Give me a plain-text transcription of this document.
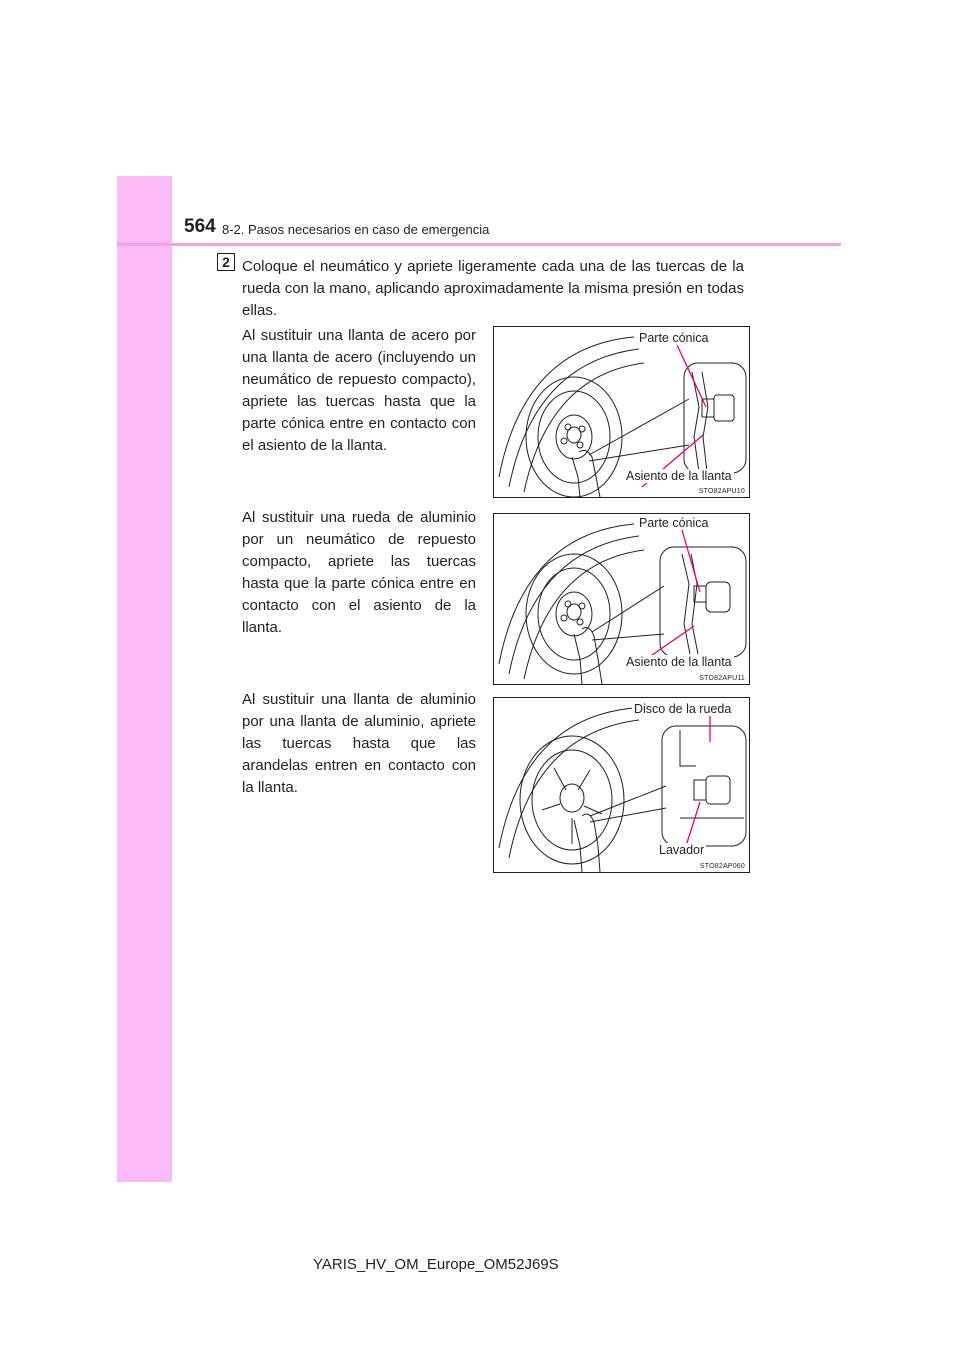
564 8-2. Pasos necesarios en caso de emergencia
2 Coloque el neumático y apriete ligeramente cada una de las tuercas de la rueda con la mano, aplicando aproximadamente la misma presión en todas ellas.
Al sustituir una llanta de acero por una llanta de acero (incluyendo un neumático de repuesto compacto), apriete las tuercas hasta que la parte cónica entre en contacto con el asiento de la llanta.
Parte cónica
Asiento de la llanta
STO82APU10
Al sustituir una rueda de aluminio por un neumático de repuesto compacto, apriete las tuercas hasta que la parte cónica entre en contacto con el asiento de la llanta.
Parte cónica
Asiento de la llanta
STO82APU11
Al sustituir una llanta de aluminio por una llanta de aluminio, apriete las tuercas hasta que las arandelas entren en contacto con la llanta.
Disco de la rueda
Lavador
STO82AP060
YARIS_HV_OM_Europe_OM52J69S
